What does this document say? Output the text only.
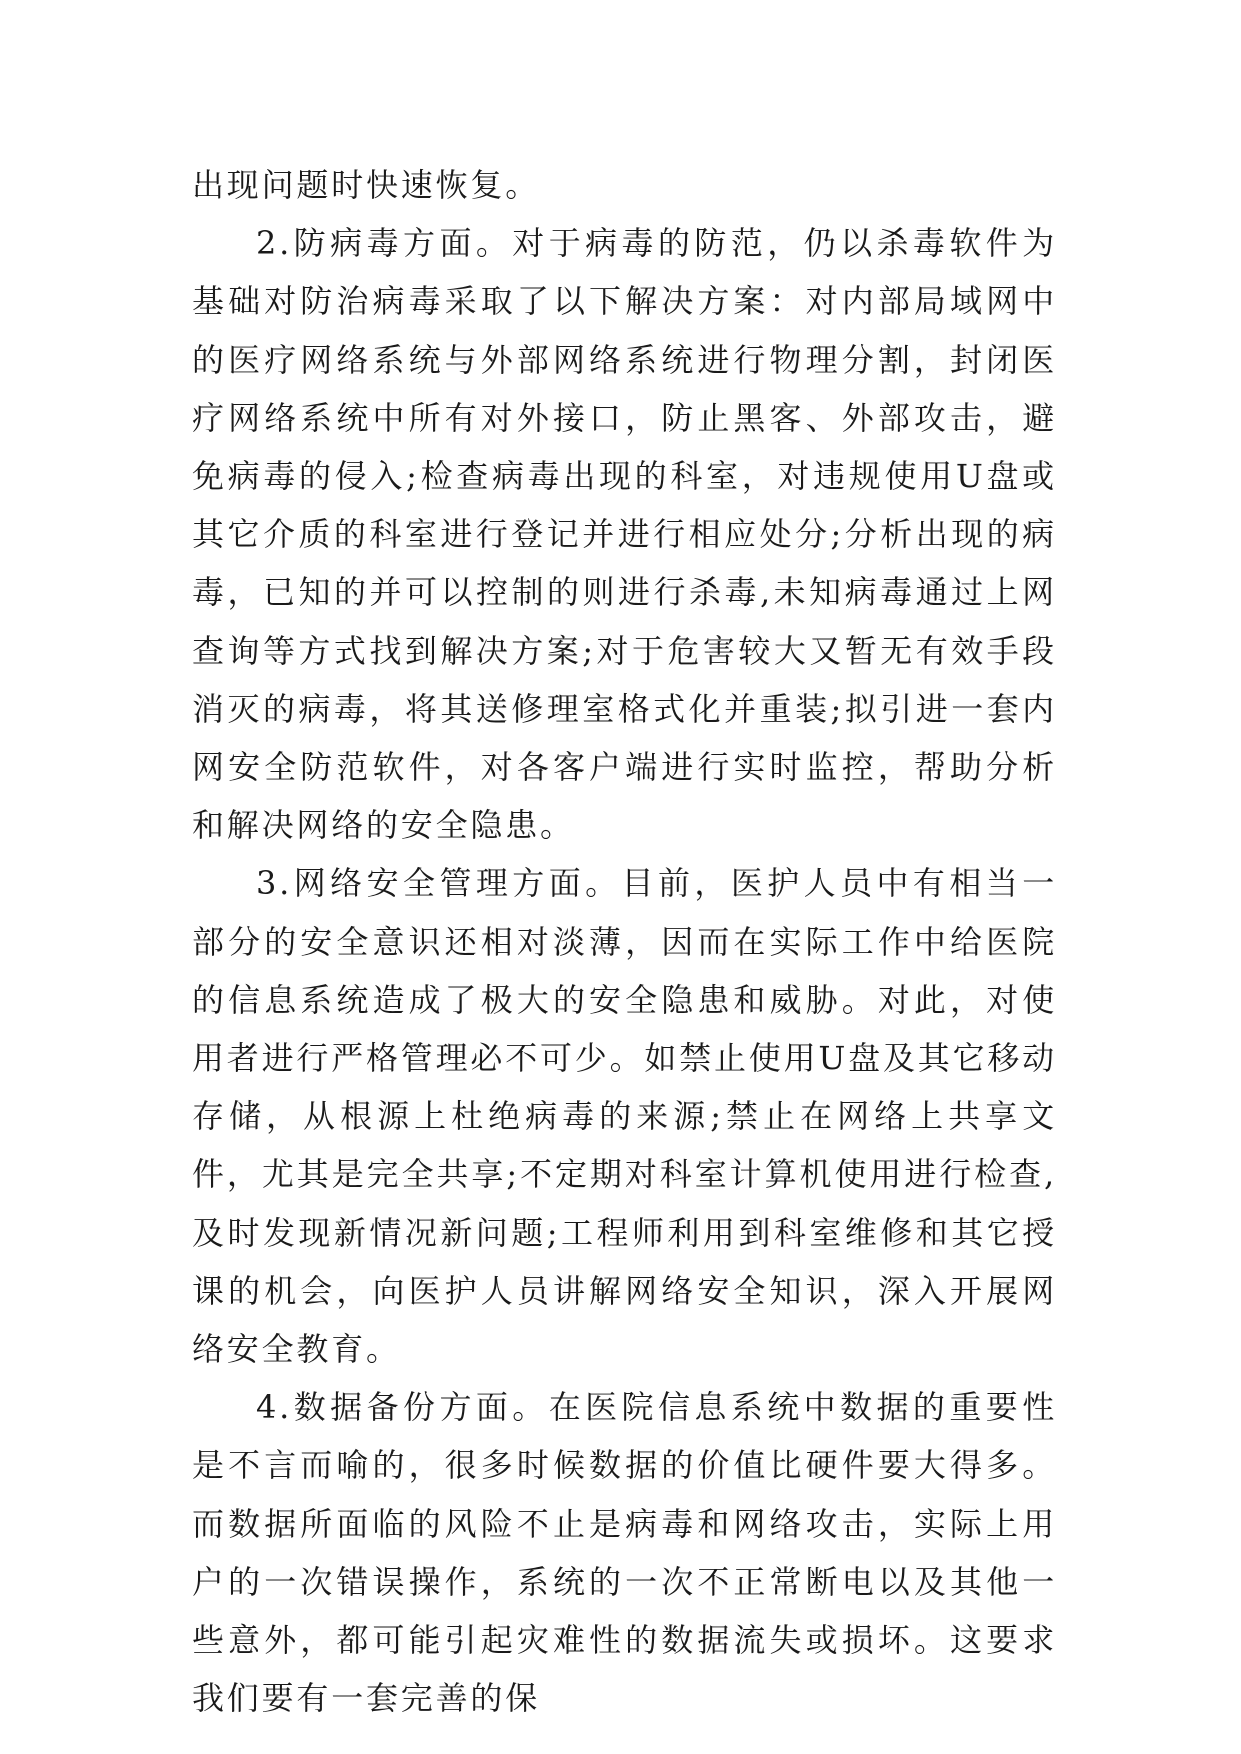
出现问题时快速恢复。

2.防病毒方面。对于病毒的防范，仍以杀毒软件为基础对防治病毒采取了以下解决方案：对内部局域网中的医疗网络系统与外部网络系统进行物理分割，封闭医疗网络系统中所有对外接口，防止黑客、外部攻击，避免病毒的侵入;检查病毒出现的科室，对违规使用U盘或其它介质的科室进行登记并进行相应处分;分析出现的病毒，已知的并可以控制的则进行杀毒,未知病毒通过上网查询等方式找到解决方案;对于危害较大又暂无有效手段消灭的病毒，将其送修理室格式化并重装;拟引进一套内网安全防范软件，对各客户端进行实时监控，帮助分析和解决网络的安全隐患。

3.网络安全管理方面。目前，医护人员中有相当一部分的安全意识还相对淡薄，因而在实际工作中给医院的信息系统造成了极大的安全隐患和威胁。对此，对使用者进行严格管理必不可少。如禁止使用U盘及其它移动存储，从根源上杜绝病毒的来源;禁止在网络上共享文件，尤其是完全共享;不定期对科室计算机使用进行检查,及时发现新情况新问题;工程师利用到科室维修和其它授课的机会，向医护人员讲解网络安全知识，深入开展网络安全教育。

4.数据备份方面。在医院信息系统中数据的重要性是不言而喻的，很多时候数据的价值比硬件要大得多。而数据所面临的风险不止是病毒和网络攻击，实际上用户的一次错误操作，系统的一次不正常断电以及其他一些意外，都可能引起灾难性的数据流失或损坏。这要求我们要有一套完善的保
